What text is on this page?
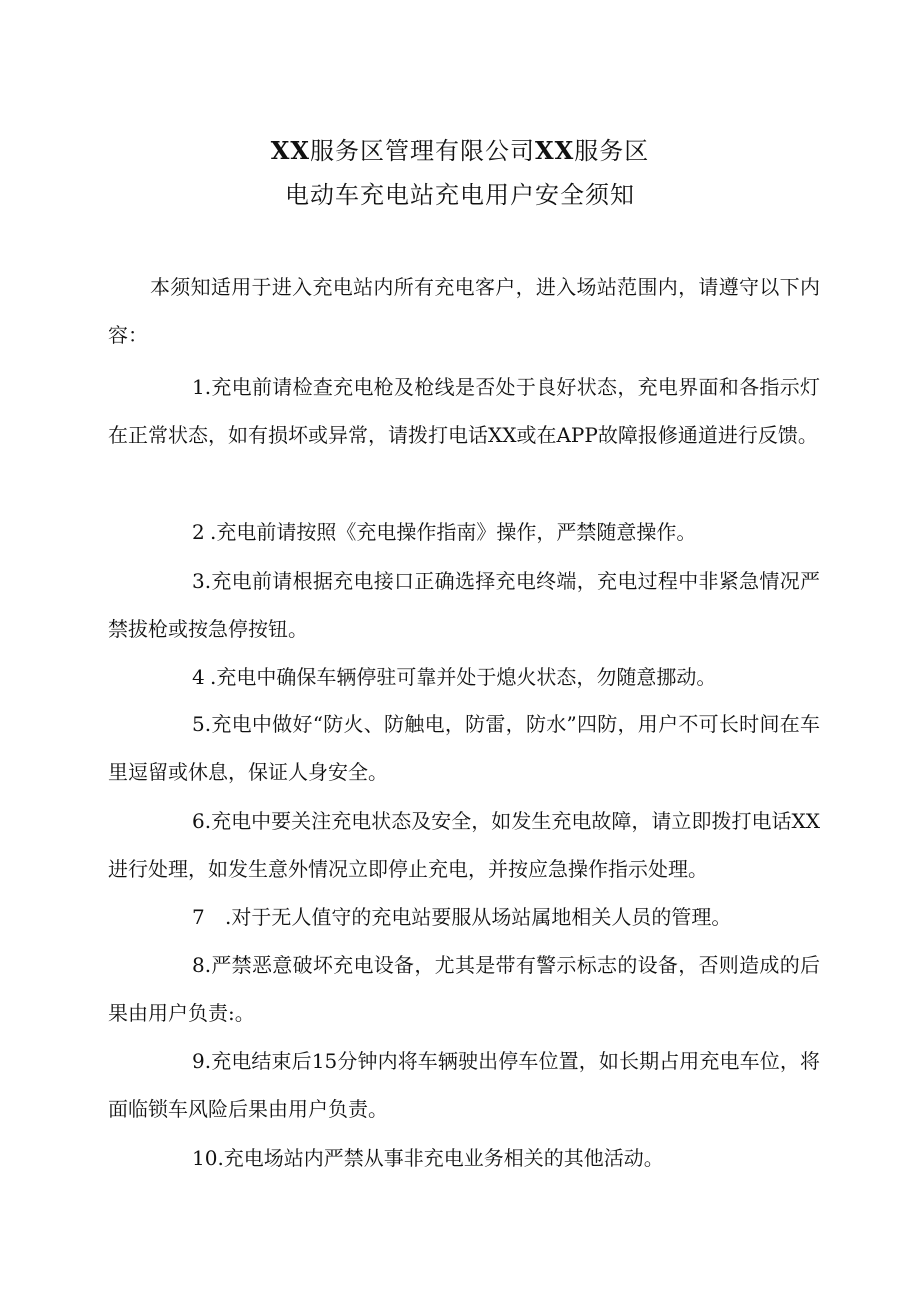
XX服务区管理有限公司XX服务区
电动车充电站充电用户安全须知
本须知适用于进入充电站内所有充电客户，进入场站范围内，请遵守以下内容：
1.充电前请检查充电枪及枪线是否处于良好状态，充电界面和各指示灯在正常状态，如有损坏或异常，请拨打电话XX或在APP故障报修通道进行反馈。
2 .充电前请按照《充电操作指南》操作，严禁随意操作。
3.充电前请根据充电接口正确选择充电终端，充电过程中非紧急情况严禁拔枪或按急停按钮。
4 .充电中确保车辆停驻可靠并处于熄火状态，勿随意挪动。
5.充电中做好“防火、防触电，防雷，防水”四防，用户不可长时间在车里逗留或休息，保证人身安全。
6.充电中要关注充电状态及安全，如发生充电故障，请立即拨打电话XX进行处理，如发生意外情况立即停止充电，并按应急操作指示处理。
7 .对于无人值守的充电站要服从场站属地相关人员的管理。
8.严禁恶意破坏充电设备，尤其是带有警示标志的设备，否则造成的后果由用户负责:。
9.充电结束后15分钟内将车辆驶出停车位置，如长期占用充电车位，将面临锁车风险后果由用户负责。
10.充电场站内严禁从事非充电业务相关的其他活动。
